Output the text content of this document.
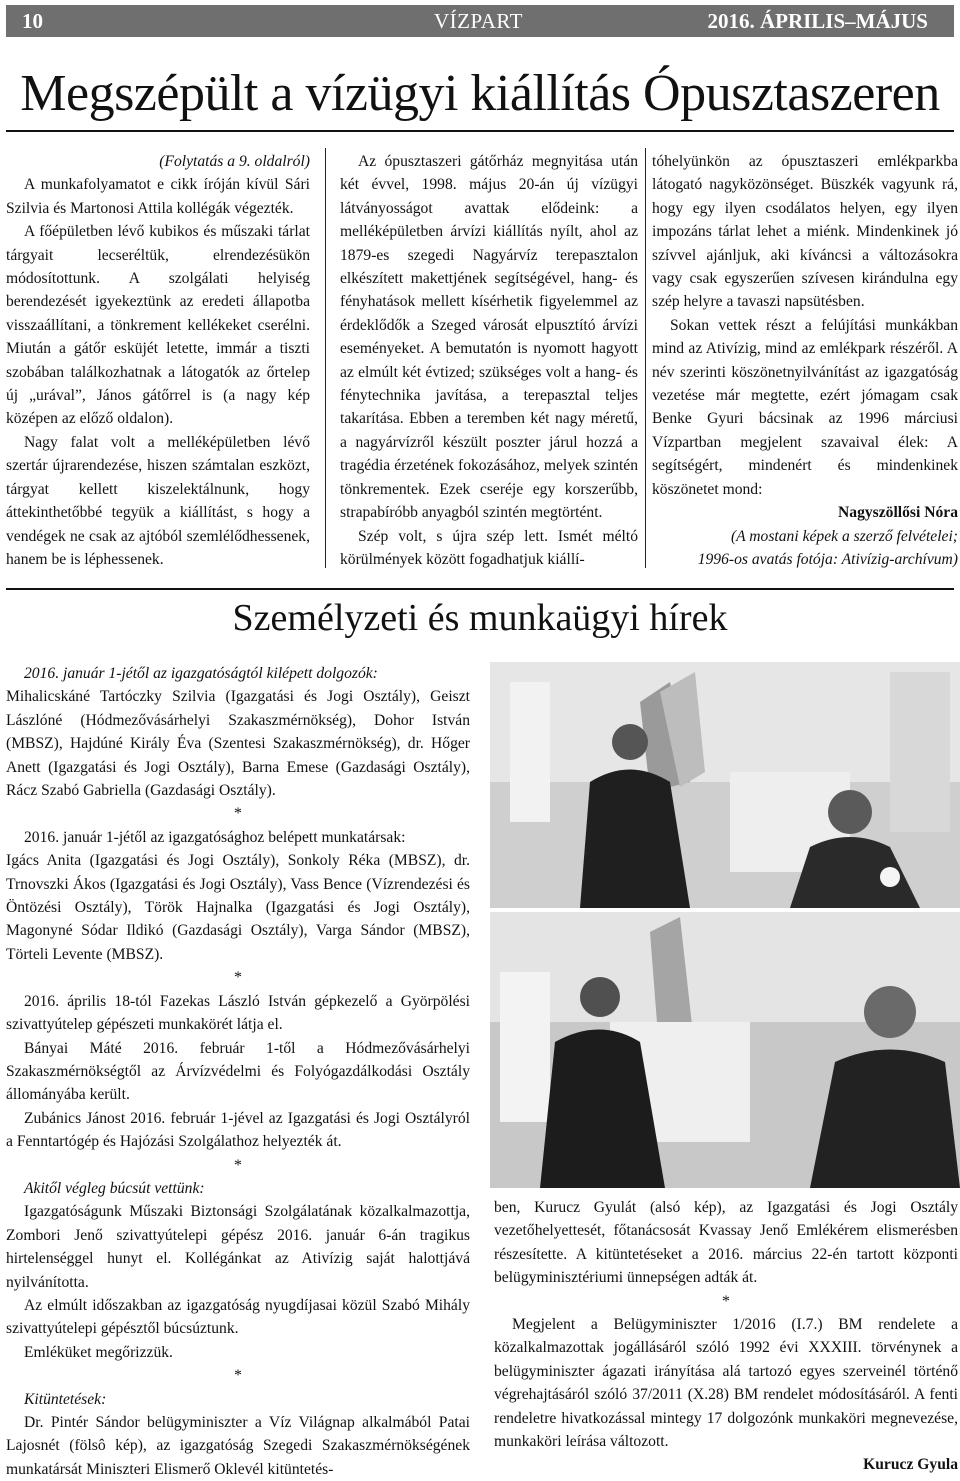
10	VÍZPART	2016. ÁPRILIS–MÁJUS
Megszépült a vízügyi kiállítás Ópusztaszeren

(Folytatás a 9. oldalról)

A munkafolyamatot e cikk íróján kívül Sári Szilvia és Martonosi Attila kollégák végezték.

A főépületben lévő kubikos és műszaki tárlat tárgyait lecseréltük, elrendezésükön módosítottunk. A szolgálati helyiség berendezését igyekeztünk az eredeti állapotba visszaállítani, a tönkrement kellékeket cserélni. Miután a gátőr esküjét letette, immár a tiszti szobában találkozhatnak a látogatók az őrtelep új „urával”, János gátőrrel is (a nagy kép középen az előző oldalon).

Nagy falat volt a melléképületben lévő szertár újrarendezése, hiszen számtalan eszközt, tárgyat kellett kiszelektálnunk, hogy áttekinthetőbbé tegyük a kiállítást, s hogy a vendégek ne csak az ajtóból szemlélődhessenek, hanem be is léphessenek.

Az ópusztaszeri gátőrház megnyitása után két évvel, 1998. május 20-án új vízügyi látványosságot avattak elődeink: a melléképületben árvízi kiállítás nyílt, ahol az 1879-es szegedi Nagyárvíz terepasztalon elkészített makettjének segítségével, hang- és fényhatások mellett kísérhetik figyelemmel az érdeklődők a Szeged városát elpusztító árvízi eseményeket. A bemutatón is nyomott hagyott az elmúlt két évtized; szükséges volt a hang- és fénytechnika javítása, a terepasztal teljes takarítása. Ebben a teremben két nagy méretű, a nagyárvízről készült poszter járul hozzá a tragédia érzetének fokozásához, melyek szintén tönkrementek. Ezek cseréje egy korszerűbb, strapabíróbb anyagból szintén megtörtént.

Szép volt, s újra szép lett. Ismét méltó körülmények között fogadhatjuk kiállí-

tóhelyünkön az ópusztaszeri emlékparkba látogató nagyközönséget. Büszkék vagyunk rá, hogy egy ilyen csodálatos helyen, egy ilyen impozáns tárlat lehet a miénk. Mindenkinek jó szívvel ajánljuk, aki kíváncsi a változásokra vagy csak egyszerűen szívesen kirándulna egy szép helyre a tavaszi napsütésben.

Sokan vettek részt a felújítási munkákban mind az Ativízig, mind az emlékpark részéről. A név szerinti köszönetnyilvánítást az igazgatóság vezetése már megtette, ezért jómagam csak Benke Gyuri bácsinak az 1996 márciusi Vízpartban megjelent szavaival élek: A segítségért, mindenért és mindenkinek köszönetet mond:

Nagyszöllősi Nóra

(A mostani képek a szerző felvételei;

1996-os avatás fotója: Ativízig-archívum)

Személyzeti és munkaügyi hírek

2016. január 1-jétől az igazgatóságtól kilépett dolgozók:

Mihalicskáné Tartóczky Szilvia (Igazgatási és Jogi Osztály), Geiszt Lászlóné (Hódmezővásárhelyi Szakaszmérnökség), Dohor István (MBSZ), Hajdúné Király Éva (Szentesi Szakaszmérnökség), dr. Hőger Anett (Igazgatási és Jogi Osztály), Barna Emese (Gazdasági Osztály), Rácz Szabó Gabriella (Gazdasági Osztály).

*

2016. január 1-jétől az igazgatósághoz belépett munkatársak:

Igács Anita (Igazgatási és Jogi Osztály), Sonkoly Réka (MBSZ), dr. Trnovszki Ákos (Igazgatási és Jogi Osztály), Vass Bence (Vízrendezési és Öntözési Osztály), Török Hajnalka (Igazgatási és Jogi Osztály), Magonyné Sódar Ildikó (Gazdasági Osztály), Varga Sándor (MBSZ), Törteli Levente (MBSZ).

*

2016. április 18-tól Fazekas László István gépkezelő a Györpölési szivattyútelep gépészeti munkakörét látja el.

Bányai Máté 2016. február 1-től a Hódmezővásárhelyi Szakaszmérnökségtől az Árvízvédelmi és Folyógazdálkodási Osztály állományába került.

Zubánics Jánost 2016. február 1-jével az Igazgatási és Jogi Osztályról a Fenntartógép és Hajózási Szolgálathoz helyezték át.

*

Akitől végleg búcsút vettünk:

Igazgatóságunk Műszaki Biztonsági Szolgálatának közalkalmazottja, Zombori Jenő szivattyútelepi gépész 2016. január 6-án tragikus hirtelenséggel hunyt el. Kollégánkat az Ativízig saját halottjává nyilvánította.

Az elmúlt időszakban az igazgatóság nyugdíjasai közül Szabó Mihály szivattyútelepi gépésztől búcsúztunk.

Emléküket megőrizzük.

*

Kitüntetések:

Dr. Pintér Sándor belügyminiszter a Víz Világnap alkalmából Patai Lajosnét (fölsô kép), az igazgatóság Szegedi Szakaszmérnökségének munkatársát Miniszteri Elismerő Oklevél kitüntetés-

ben, Kurucz Gyulát (alsó kép), az Igazgatási és Jogi Osztály vezetőhelyettesét, főtanácsosát Kvassay Jenő Emlékérem elismerésben részesítette. A kitüntetéseket a 2016. március 22-én tartott központi belügyminisztériumi ünnepségen adták át.

*

Megjelent a Belügyminiszter 1/2016 (I.7.) BM rendelete a közalkalmazottak jogállásáról szóló 1992 évi XXXIII. törvénynek a belügyminiszter ágazati irányítása alá tartozó egyes szerveinél történő végrehajtásáról szóló 37/2011 (X.28) BM rendelet módosításáról. A fenti rendeletre hivatkozással mintegy 17 dolgozónk munkaköri megnevezése, munkaköri leírása változott.

Kurucz Gyula
